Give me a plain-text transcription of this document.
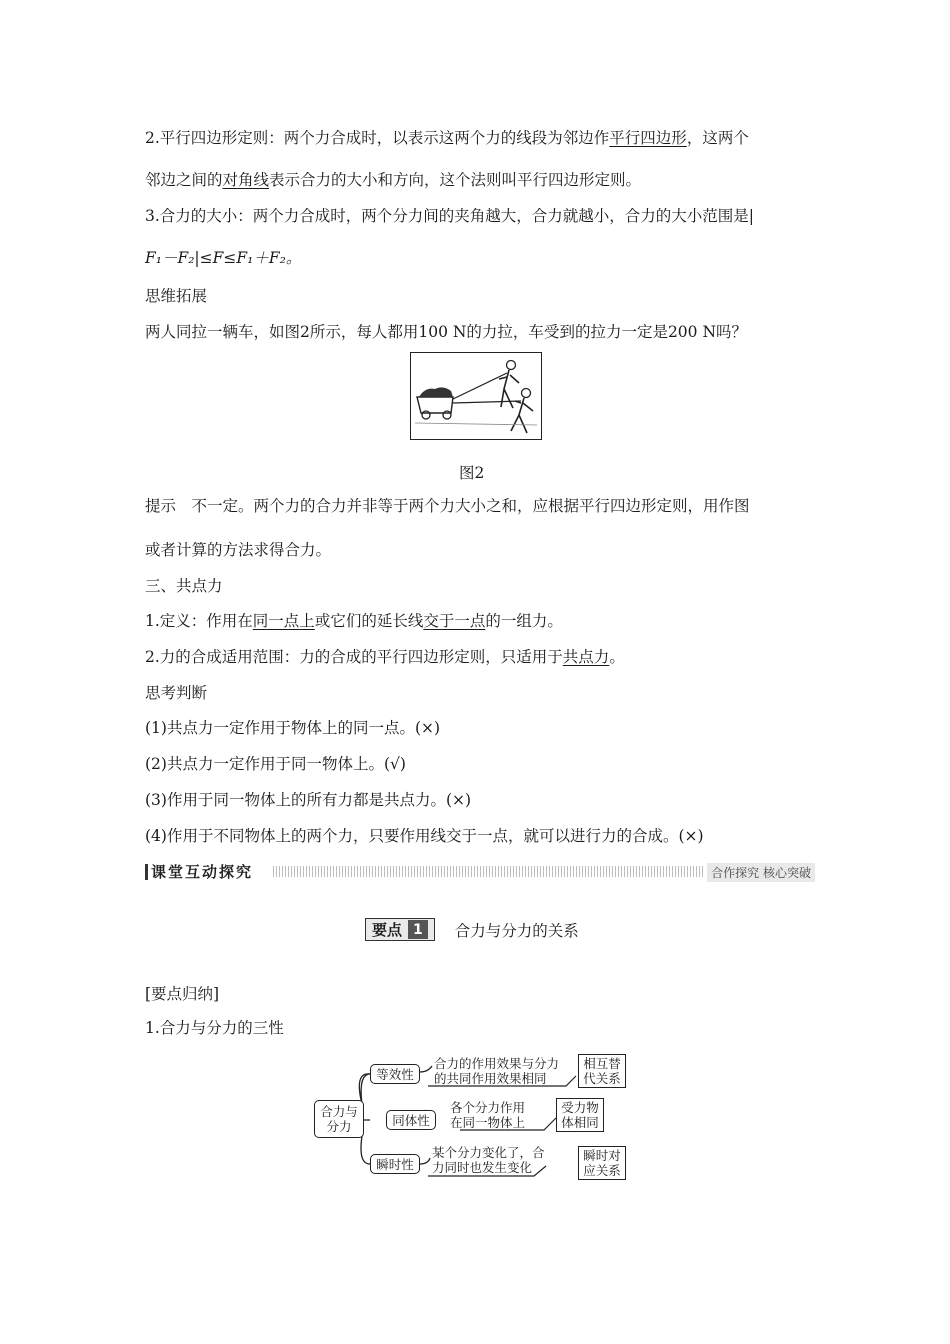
2.平行四边形定则：两个力合成时，以表示这两个力的线段为邻边作平行四边形，这两个
邻边之间的对角线表示合力的大小和方向，这个法则叫平行四边形定则。
3.合力的大小：两个力合成时，两个分力间的夹角越大，合力就越小，合力的大小范围是|
F₁－F₂|≤F≤F₁＋F₂。
思维拓展
两人同拉一辆车，如图2所示，每人都用100 N的力拉，车受到的拉力一定是200 N吗？
图2
提示　不一定。两个力的合力并非等于两个力大小之和，应根据平行四边形定则，用作图
或者计算的方法求得合力。
三、共点力
1.定义：作用在同一点上或它们的延长线交于一点的一组力。
2.力的合成适用范围：力的合成的平行四边形定则，只适用于共点力。
思考判断
(1)共点力一定作用于物体上的同一点。(×)
(2)共点力一定作用于同一物体上。(√)
(3)作用于同一物体上的所有力都是共点力。(×)
(4)作用于不同物体上的两个力，只要作用线交于一点，就可以进行力的合成。(×)
课堂互动探究	合作探究 核心突破
要点 1	合力与分力的关系
[要点归纳]
1.合力与分力的三性
合力与
分力
等效性
同体性
瞬时性
合力的作用效果与分力
的共同作用效果相同
各个分力作用
在同一物体上
某个分力变化了，合
力同时也发生变化
相互替
代关系
受力物
体相同
瞬时对
应关系
